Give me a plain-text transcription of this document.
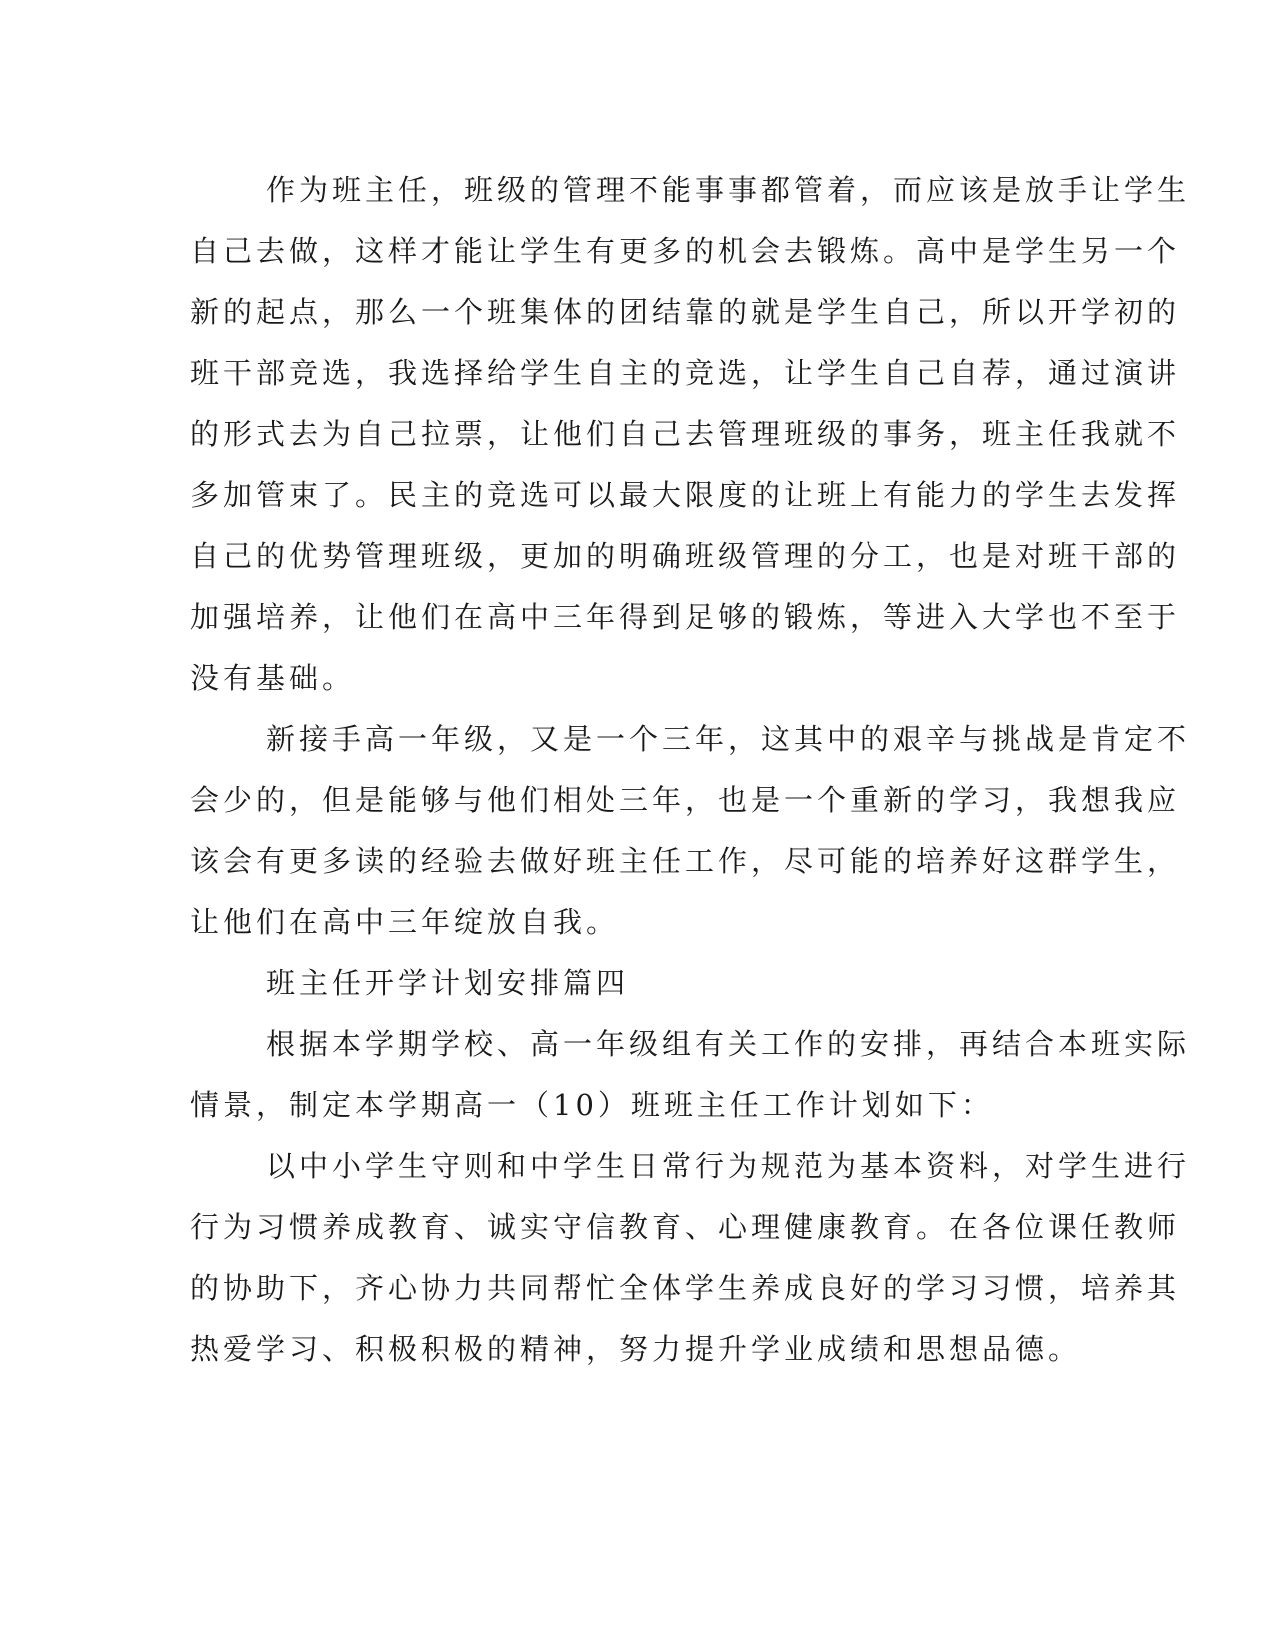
作为班主任，班级的管理不能事事都管着，而应该是放手让学生
自己去做，这样才能让学生有更多的机会去锻炼。高中是学生另一个
新的起点，那么一个班集体的团结靠的就是学生自己，所以开学初的
班干部竞选，我选择给学生自主的竞选，让学生自己自荐，通过演讲
的形式去为自己拉票，让他们自己去管理班级的事务，班主任我就不
多加管束了。民主的竞选可以最大限度的让班上有能力的学生去发挥
自己的优势管理班级，更加的明确班级管理的分工，也是对班干部的
加强培养，让他们在高中三年得到足够的锻炼，等进入大学也不至于
没有基础。
新接手高一年级，又是一个三年，这其中的艰辛与挑战是肯定不
会少的，但是能够与他们相处三年，也是一个重新的学习，我想我应
该会有更多读的经验去做好班主任工作，尽可能的培养好这群学生，
让他们在高中三年绽放自我。
班主任开学计划安排篇四
根据本学期学校、高一年级组有关工作的安排，再结合本班实际
情景，制定本学期高一（10）班班主任工作计划如下：
以中小学生守则和中学生日常行为规范为基本资料，对学生进行
行为习惯养成教育、诚实守信教育、心理健康教育。在各位课任教师
的协助下，齐心协力共同帮忙全体学生养成良好的学习习惯，培养其
热爱学习、积极积极的精神，努力提升学业成绩和思想品德。
